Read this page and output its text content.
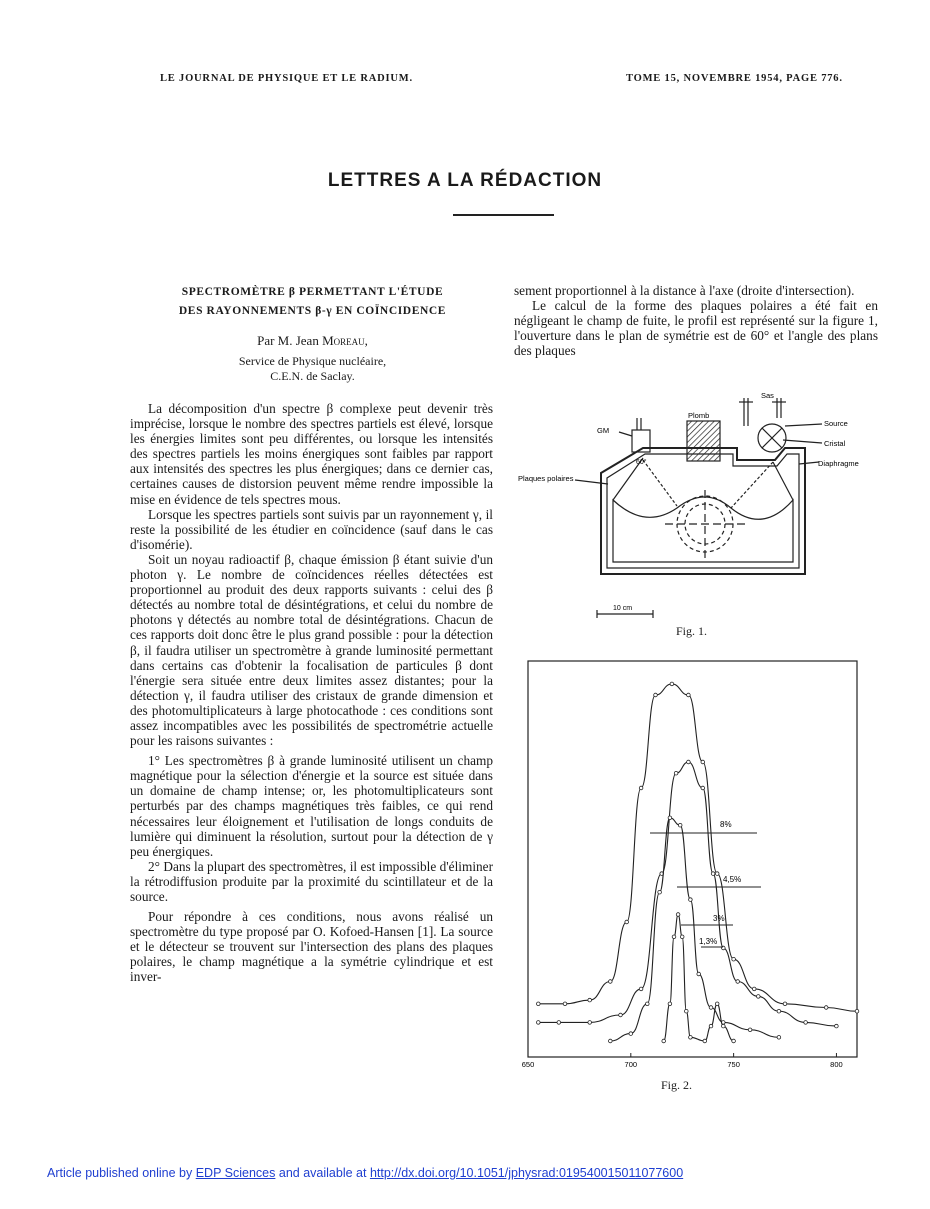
LE JOURNAL DE PHYSIQUE ET LE RADIUM.	TOME 15, NOVEMBRE 1954, PAGE 776.
LETTRES A LA RÉDACTION
SPECTROMÈTRE β PERMETTANT L'ÉTUDE
DES RAYONNEMENTS β-γ EN COÏNCIDENCE
Par M. Jean Moreau,
Service de Physique nucléaire,
C.E.N. de Saclay.

La décomposition d'un spectre β complexe peut devenir très imprécise, lorsque le nombre des spectres partiels est élevé, lorsque les énergies limites sont peu différentes, ou lorsque les intensités des spectres partiels les moins énergiques sont faibles par rapport aux intensités des spectres les plus énergiques; dans ce dernier cas, certaines causes de distorsion peuvent même rendre impossible la mise en évidence de tels spectres mous.

Lorsque les spectres partiels sont suivis par un rayonnement γ, il reste la possibilité de les étudier en coïncidence (sauf dans le cas d'isomérie).

Soit un noyau radioactif β, chaque émission β étant suivie d'un photon γ. Le nombre de coïncidences réelles détectées est proportionnel au produit des deux rapports suivants : celui des β détectés au nombre total de désintégrations, et celui du nombre de photons γ détectés au nombre total de désintégrations. Chacun de ces rapports doit donc être le plus grand possible : pour la détection β, il faudra utiliser un spectromètre à grande luminosité permettant dans certains cas d'obtenir la focalisation de particules β dont l'énergie sera située entre deux limites assez distantes; pour la détection γ, il faudra utiliser des cristaux de grande dimension et des photomultiplicateurs à large photocathode : ces conditions sont assez incompatibles avec les possibilités de spectrométrie actuelle pour les raisons suivantes :

1° Les spectromètres β à grande luminosité utilisent un champ magnétique pour la sélection d'énergie et la source est située dans un domaine de champ intense; or, les photomultiplicateurs sont perturbés par des champs magnétiques très faibles, ce qui rend nécessaires leur éloignement et l'utilisation de longs conduits de lumière qui diminuent la résolution, surtout pour la détection de γ peu énergiques.

2° Dans la plupart des spectromètres, il est impossible d'éliminer la rétrodiffusion produite par la proximité du scintillateur et de la source.

Pour répondre à ces conditions, nous avons réalisé un spectromètre du type proposé par O. Kofoed-Hansen [1]. La source et le détecteur se trouvent sur l'intersection des plans des plaques polaires, le champ magnétique a la symétrie cylindrique et est inver-

sement proportionnel à la distance à l'axe (droite d'intersection).

Le calcul de la forme des plaques polaires a été fait en négligeant le champ de fuite, le profil est représenté sur la figure 1, l'ouverture dans le plan de symétrie est de 60° et l'angle des plans des plaques

Sas
Plomb
GM
60°
Source
Cristal
Diaphragme
Plaques polaires
10 cm
Fig. 1.
650	700	750	800
8%
4,5%
3%
1,3%
Fig. 2.
Article published online by EDP Sciences and available at http://dx.doi.org/10.1051/jphysrad:019540015011077600
